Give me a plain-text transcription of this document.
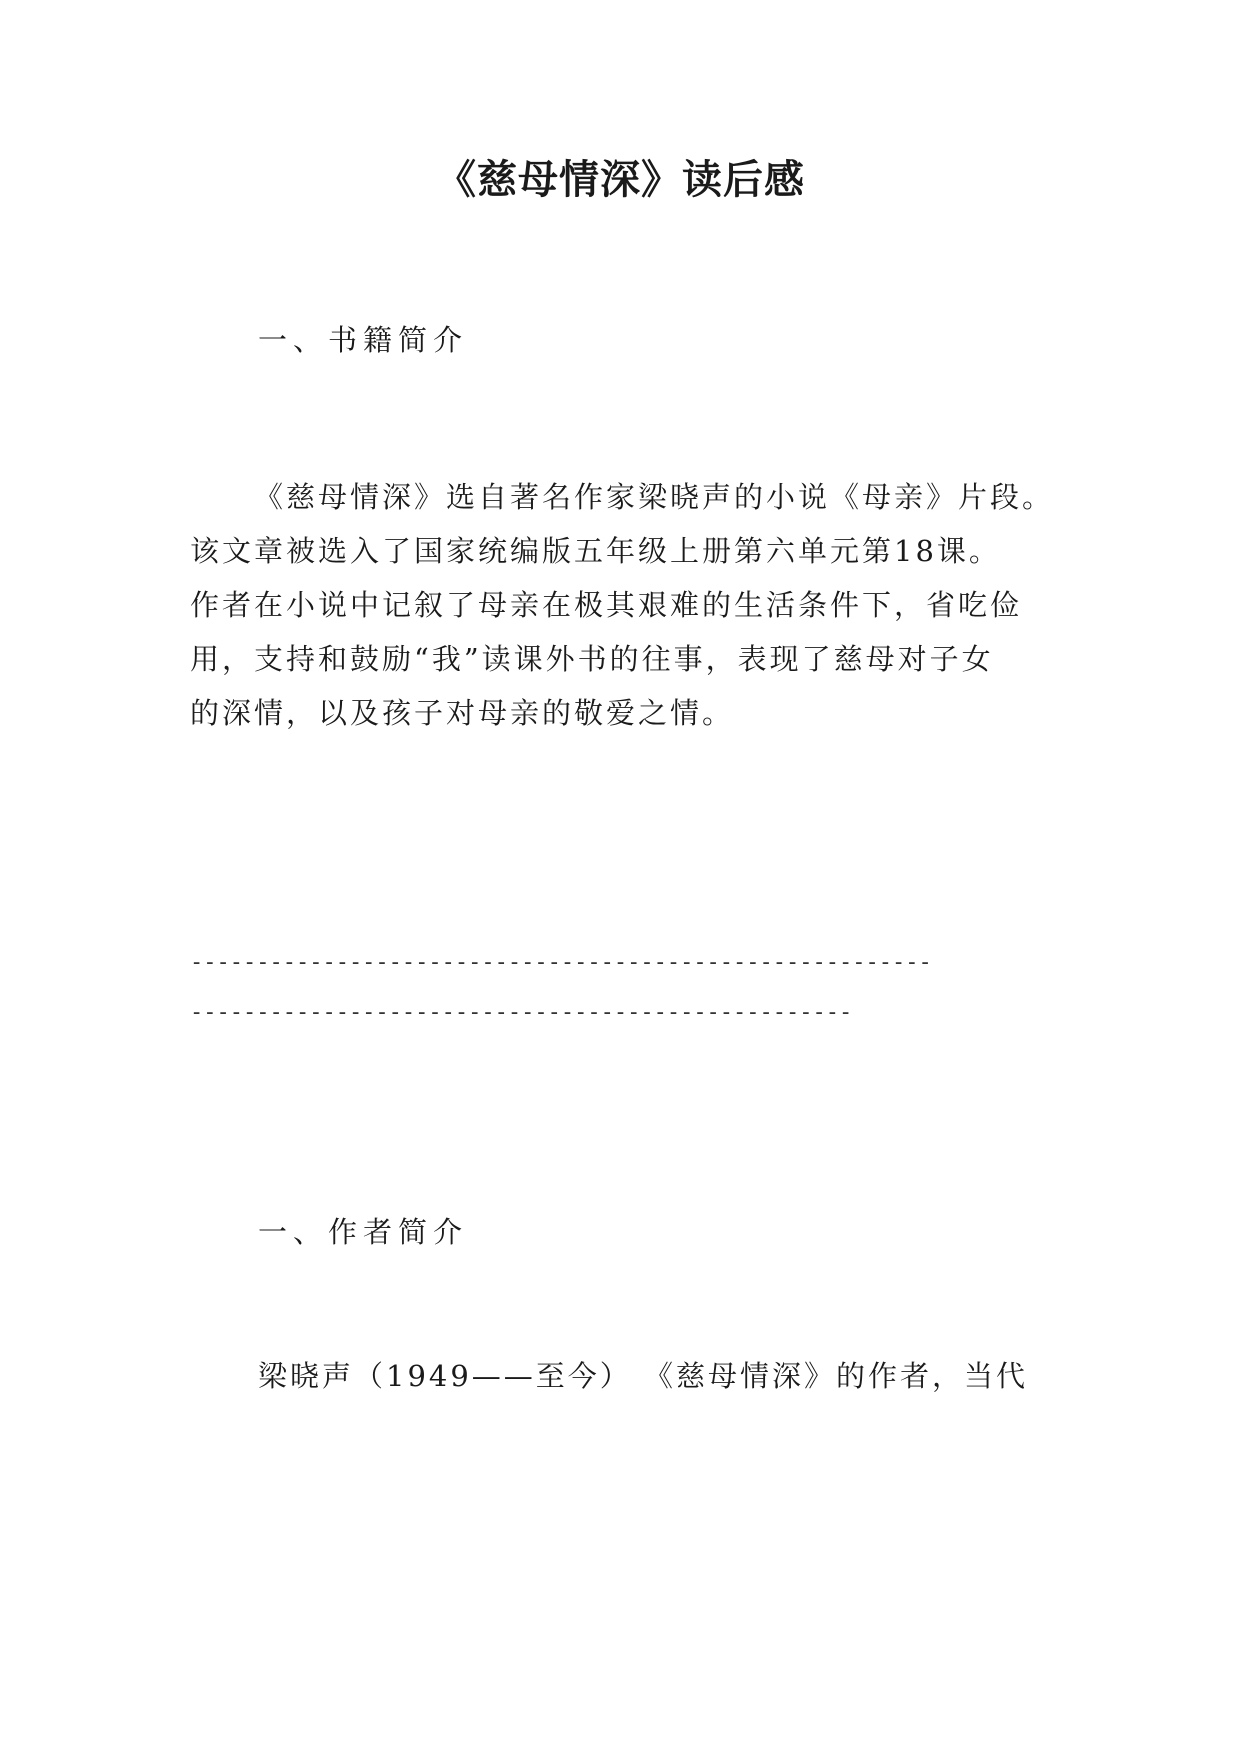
《慈母情深》读后感
一、书籍简介
《慈母情深》选自著名作家梁晓声的小说《母亲》片段。
该文章被选入了国家统编版五年级上册第六单元第18课。
作者在小说中记叙了母亲在极其艰难的生活条件下，省吃俭
用，支持和鼓励“我”读课外书的往事，表现了慈母对子女
的深情，以及孩子对母亲的敬爱之情。
--------------------------------------------------------
--------------------------------------------------
一、作者简介
梁晓声（1949——至今） 《慈母情深》的作者，当代
